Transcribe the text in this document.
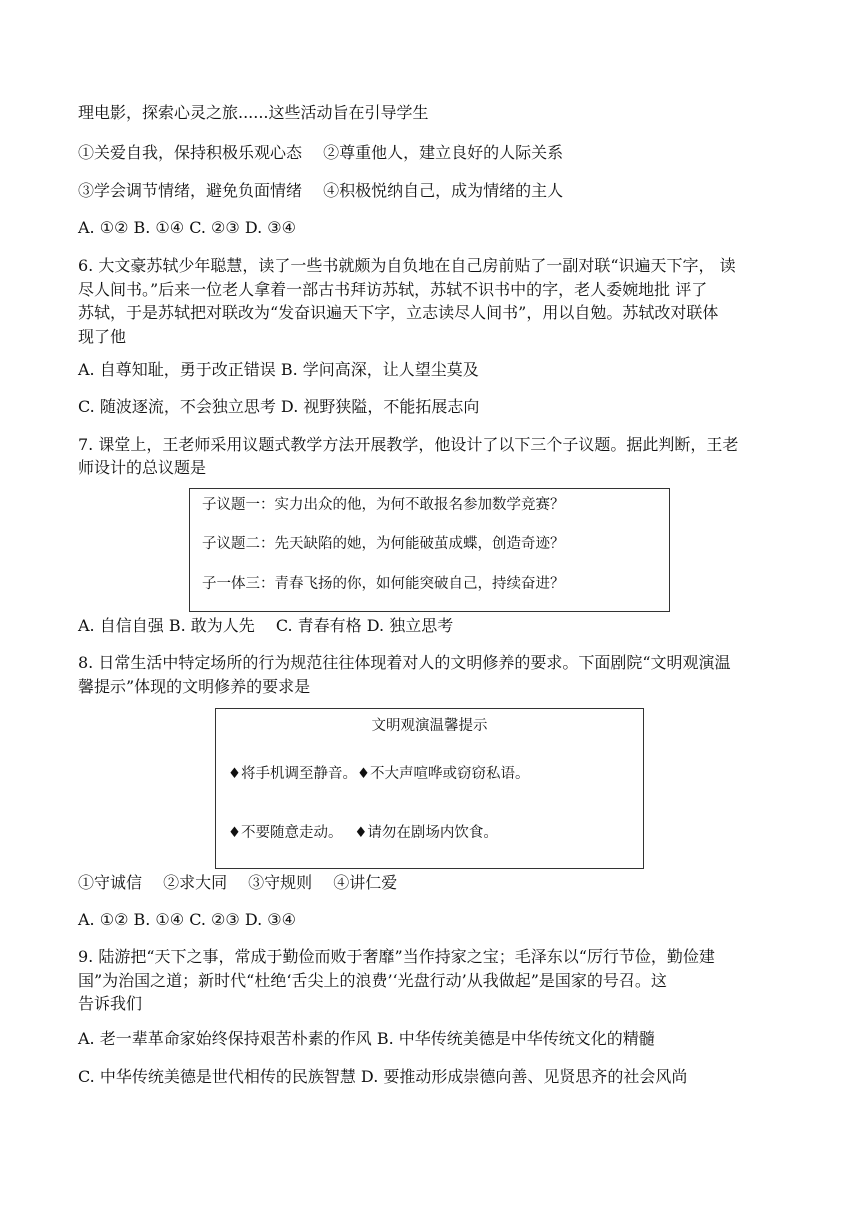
理电影，探索心灵之旅......这些活动旨在引导学生
①关爱自我，保持积极乐观心态　 ②尊重他人，建立良好的人际关系
③学会调节情绪，避免负面情绪　 ④积极悦纳自己，成为情绪的主人
A. ①② B. ①④ C. ②③ D. ③④
6. 大文豪苏轼少年聪慧，读了一些书就颇为自负地在自己房前贴了一副对联“识遍天下字， 读
尽人间书。”后来一位老人拿着一部古书拜访苏轼，苏轼不识书中的字，老人委婉地批 评了
苏轼，于是苏轼把对联改为“发奋识遍天下字，立志读尽人间书”，用以自勉。苏轼改对联体
现了他
A. 自尊知耻，勇于改正错误 B. 学问高深，让人望尘莫及
C. 随波逐流，不会独立思考 D. 视野狭隘，不能拓展志向
7. 课堂上，王老师采用议题式教学方法开展教学，他设计了以下三个子议题。据此判断，王老
师设计的总议题是
子议题一：实力出众的他，为何不敢报名参加数学竞赛？
子议题二：先天缺陷的她，为何能破茧成蝶，创造奇迹？
子一体三：青春飞扬的你，如何能突破自己，持续奋进？
A. 自信自强 B. 敢为人先　 C. 青春有格 D. 独立思考
8. 日常生活中特定场所的行为规范往往体现着对人的文明修养的要求。下面剧院“文明观演温
馨提示”体现的文明修养的要求是
文明观演温馨提示
♦将手机调至静音。♦不大声喧哗或窃窃私语。
♦不要随意走动。　 ♦请勿在剧场内饮食。
①守诚信　 ②求大同　 ③守规则　 ④讲仁爱
A. ①② B. ①④ C. ②③ D. ③④
9. 陆游把“天下之事，常成于勤俭而败于奢靡”当作持家之宝；毛泽东以“厉行节俭，勤俭建
国”为治国之道；新时代“杜绝‘舌尖上的浪费’‘光盘行动’从我做起”是国家的号召。这
告诉我们
A. 老一辈革命家始终保持艰苦朴素的作风 B. 中华传统美德是中华传统文化的精髓
C. 中华传统美德是世代相传的民族智慧 D. 要推动形成崇德向善、见贤思齐的社会风尚
